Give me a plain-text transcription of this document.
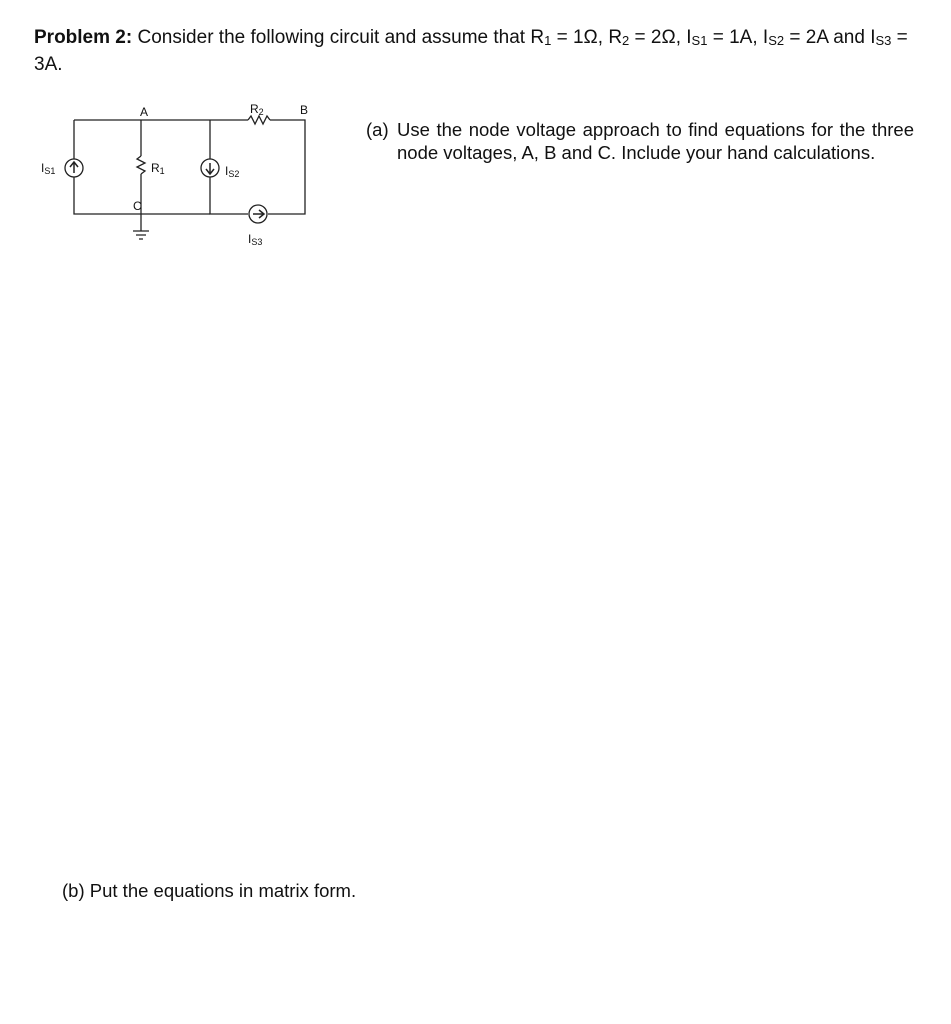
Problem 2: Consider the following circuit and assume that R1 = 1Ω, R2 = 2Ω, IS1 = 1A, IS2 = 2A and IS3 = 3A.

A	B
C
R2
R1
IS1	IS2
IS3
(a) Use the node voltage approach to find equations for the three node voltages, A, B and C. Include your hand calculations.
(b) Put the equations in matrix form.
